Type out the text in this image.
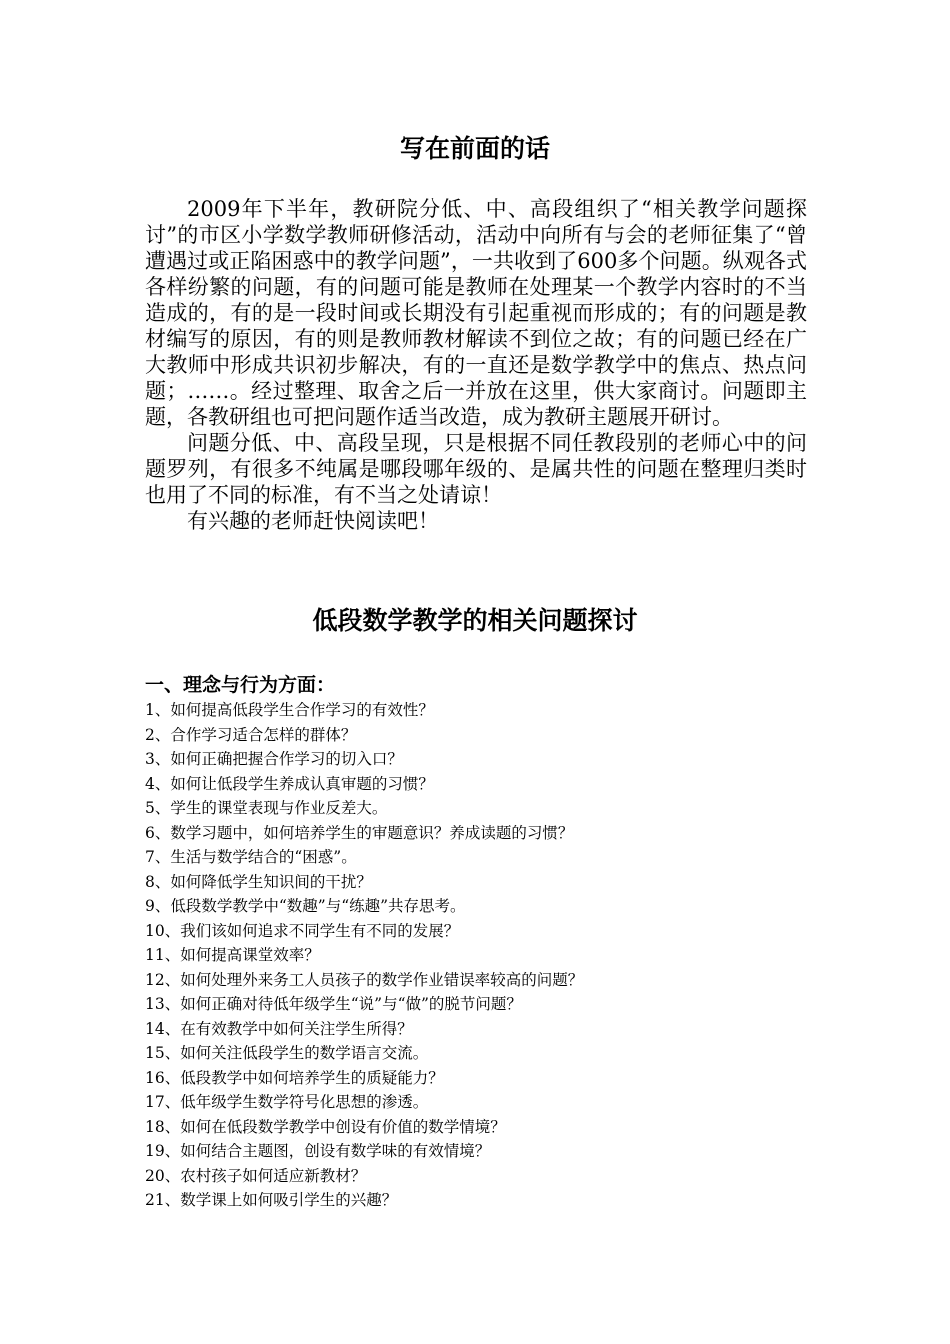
写在前面的话

2009年下半年，教研院分低、中、高段组织了“相关教学问题探讨”的市区小学数学教师研修活动，活动中向所有与会的老师征集了“曾遭遇过或正陷困惑中的教学问题”，一共收到了600多个问题。纵观各式各样纷繁的问题，有的问题可能是教师在处理某一个教学内容时的不当造成的，有的是一段时间或长期没有引起重视而形成的；有的问题是教材编写的原因，有的则是教师教材解读不到位之故；有的问题已经在广大教师中形成共识初步解决，有的一直还是数学教学中的焦点、热点问题；……。经过整理、取舍之后一并放在这里，供大家商讨。问题即主题，各教研组也可把问题作适当改造，成为教研主题展开研讨。

问题分低、中、高段呈现，只是根据不同任教段别的老师心中的问题罗列，有很多不纯属是哪段哪年级的、是属共性的问题在整理归类时也用了不同的标准，有不当之处请谅！

有兴趣的老师赶快阅读吧！

低段数学教学的相关问题探讨
一、理念与行为方面：
1、如何提高低段学生合作学习的有效性？
2、合作学习适合怎样的群体？
3、如何正确把握合作学习的切入口？
4、如何让低段学生养成认真审题的习惯？
5、学生的课堂表现与作业反差大。
6、数学习题中，如何培养学生的审题意识？养成读题的习惯？
7、生活与数学结合的“困惑”。
8、如何降低学生知识间的干扰？
9、低段数学教学中“数趣”与“练趣”共存思考。
10、我们该如何追求不同学生有不同的发展？
11、如何提高课堂效率？
12、如何处理外来务工人员孩子的数学作业错误率较高的问题？
13、如何正确对待低年级学生“说”与“做”的脱节问题？
14、在有效教学中如何关注学生所得？
15、如何关注低段学生的数学语言交流。
16、低段教学中如何培养学生的质疑能力？
17、低年级学生数学符号化思想的渗透。
18、如何在低段数学教学中创设有价值的数学情境？
19、如何结合主题图，创设有数学味的有效情境？
20、农村孩子如何适应新教材？
21、数学课上如何吸引学生的兴趣？
